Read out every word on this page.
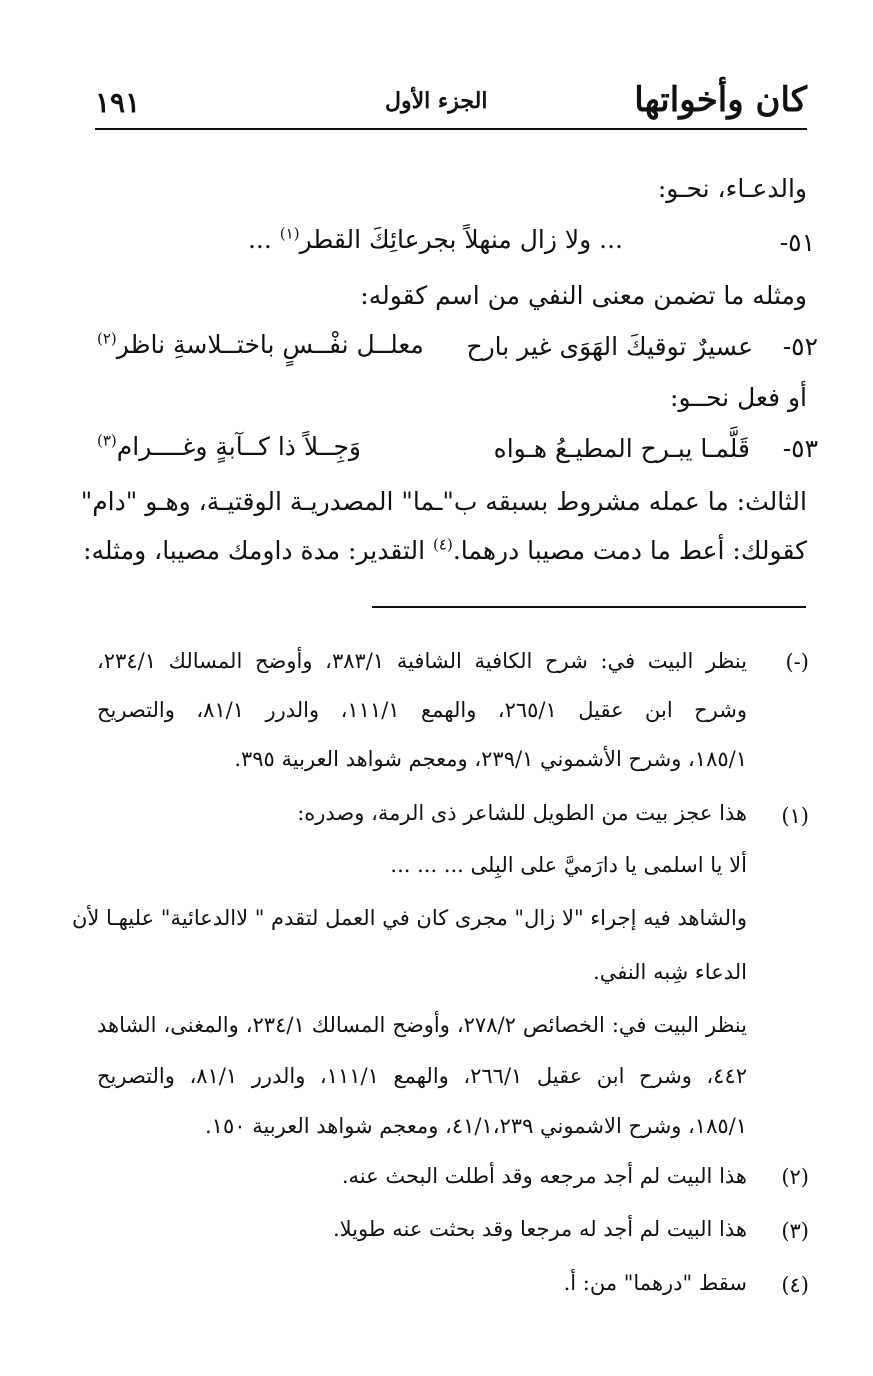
كان وأخواتها
الجزء الأول
١٩١
والدعـاء، نحـو:
٥١-
... ولا زال منهلاً بجرعائِكَ القطر$^{(١)}$ ...
ومثله ما تضمن معنى النفي من اسم كقوله:
٥٢-
عسيرٌ توقيكَ الهَوَى غير بارح
معلــل نفْــسٍ باختــلاسةِ ناظر$^{(٢)}$
أو فعل نحــو:
٥٣-
قَلَّمـا يبـرح المطيـعُ هـواه
وَجِــلاً ذا كــآبةٍ وغــــرام$^{(٣)}$
الثالث: ما عمله مشروط بسبقه ب"ـما" المصدريـة الوقتيـة، وهـو "دام"
كقولك: أعط ما دمت مصيبا درهما.$^{(٤)}$ التقدير: مدة داومك مصيبا، ومثله:
(-)
ينظر البيت في: شرح الكافية الشافية ٣٨٣/١، وأوضح المسالك ٢٣٤/١،
وشرح ابن عقيل ٢٦٥/١، والهمع ١١١/١، والدرر ٨١/١، والتصريح
١٨٥/١، وشرح الأشموني ٢٣٩/١، ومعجم شواهد العربية ٣٩٥.
(١)
هذا عجز بيت من الطويل للشاعر ذى الرمة، وصدره:
ألا يا اسلمى يا دارَميَّ على البِلى ... ... ...
والشاهد فيه إجراء "لا زال" مجرى كان في العمل لتقدم " لاالدعائية" عليهـا لأن
الدعاء شِبه النفي.
ينظر البيت في: الخصائص ٢٧٨/٢، وأوضح المسالك ٢٣٤/١، والمغنى، الشاهد
٤٤٢، وشرح ابن عقيل ٢٦٦/١، والهمع ١١١/١، والدرر ٨١/١، والتصريح
١٨٥/١، وشرح الاشموني ٤١/١،٢٣٩، ومعجم شواهد العربية ١٥٠.
(٢)
هذا البيت لم أجد مرجعه وقد أطلت البحث عنه.
(٣)
هذا البيت لم أجد له مرجعا وقد بحثت عنه طويلا.
(٤)
سقط "درهما" من: أ.
